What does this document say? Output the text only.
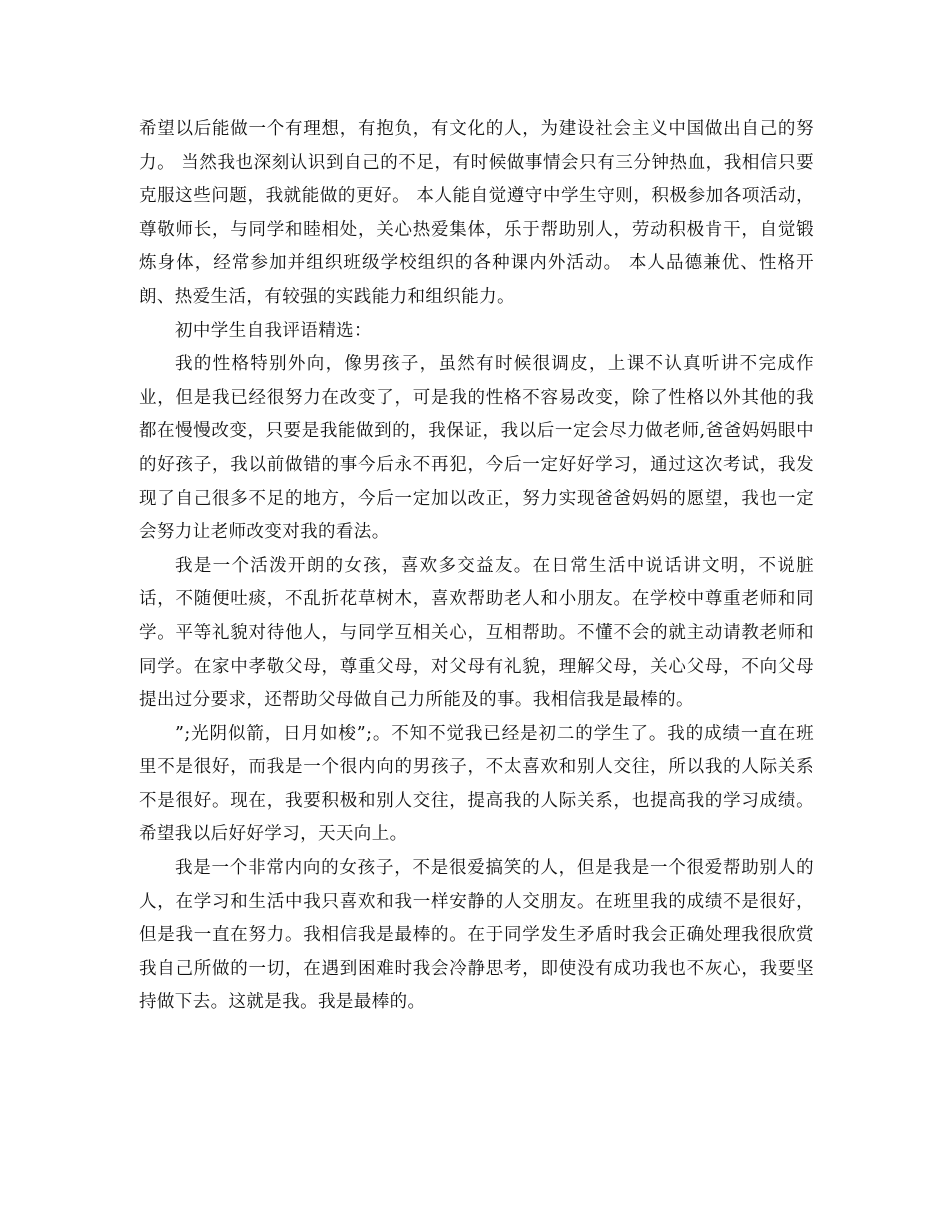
希望以后能做一个有理想，有抱负，有文化的人，为建设社会主义中国做出自己的努力。 当然我也深刻认识到自己的不足，有时候做事情会只有三分钟热血，我相信只要克服这些问题，我就能做的更好。 本人能自觉遵守中学生守则，积极参加各项活动，尊敬师长，与同学和睦相处，关心热爱集体，乐于帮助别人，劳动积极肯干，自觉锻炼身体，经常参加并组织班级学校组织的各种课内外活动。 本人品德兼优、性格开朗、热爱生活，有较强的实践能力和组织能力。

初中学生自我评语精选：

我的性格特别外向，像男孩子，虽然有时候很调皮，上课不认真听讲不完成作业，但是我已经很努力在改变了，可是我的性格不容易改变，除了性格以外其他的我都在慢慢改变，只要是我能做到的，我保证，我以后一定会尽力做老师,爸爸妈妈眼中的好孩子，我以前做错的事今后永不再犯，今后一定好好学习，通过这次考试，我发现了自己很多不足的地方，今后一定加以改正，努力实现爸爸妈妈的愿望，我也一定会努力让老师改变对我的看法。

我是一个活泼开朗的女孩，喜欢多交益友。在日常生活中说话讲文明，不说脏话，不随便吐痰，不乱折花草树木，喜欢帮助老人和小朋友。在学校中尊重老师和同学。平等礼貌对待他人，与同学互相关心，互相帮助。不懂不会的就主动请教老师和同学。在家中孝敬父母，尊重父母，对父母有礼貌，理解父母，关心父母，不向父母提出过分要求，还帮助父母做自己力所能及的事。我相信我是最棒的。

”;光阴似箭，日月如梭”;。不知不觉我已经是初二的学生了。我的成绩一直在班里不是很好，而我是一个很内向的男孩子，不太喜欢和别人交往，所以我的人际关系不是很好。现在，我要积极和别人交往，提高我的人际关系，也提高我的学习成绩。希望我以后好好学习，天天向上。

我是一个非常内向的女孩子，不是很爱搞笑的人，但是我是一个很爱帮助别人的人，在学习和生活中我只喜欢和我一样安静的人交朋友。在班里我的成绩不是很好，但是我一直在努力。我相信我是最棒的。在于同学发生矛盾时我会正确处理我很欣赏我自己所做的一切，在遇到困难时我会冷静思考，即使没有成功我也不灰心，我要坚持做下去。这就是我。我是最棒的。
